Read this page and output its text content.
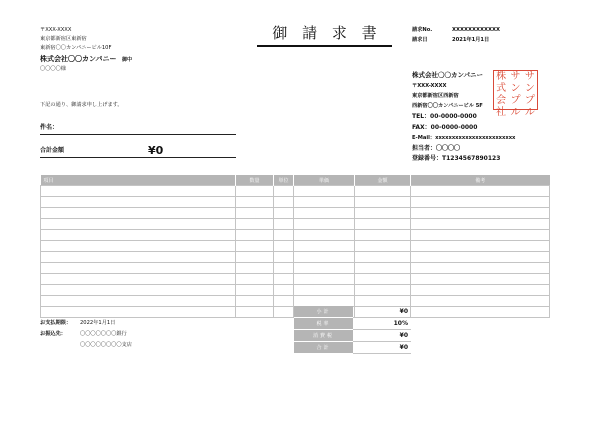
〒XXX-XXXX
東京都新宿区東新宿
東新宿〇〇カンパニービル10F
株式会社〇〇カンパニー 御中
〇〇〇〇様
下記の通り、御請求申し上げます。
件名：
合計金額	¥0
御 請 求 書	請求No.	XXXXXXXXXXXX
請求日	2021年1月1日
株式会社〇〇カンパニー
〒XXX-XXXX
東京都新宿区西新宿
西新宿〇〇カンパニービル 5F
TEL：00-0000-0000
FAX：00-0000-0000
E-Mail：xxxxxxxxxxxxxxxxxxxxxxxx
担当者：〇〇〇〇
登録番号：T1234567890123
株 サ サ
式 ン ン
会 プ プ
社 ル ル
項目	数量	単位	単価	金額	備考

お支払期限： 2022年1月1日
お振込先：	〇〇〇〇〇〇〇銀行
〇〇〇〇〇〇〇〇支店
小計	¥0
税率	10%
消費税	¥0
合計	¥0
